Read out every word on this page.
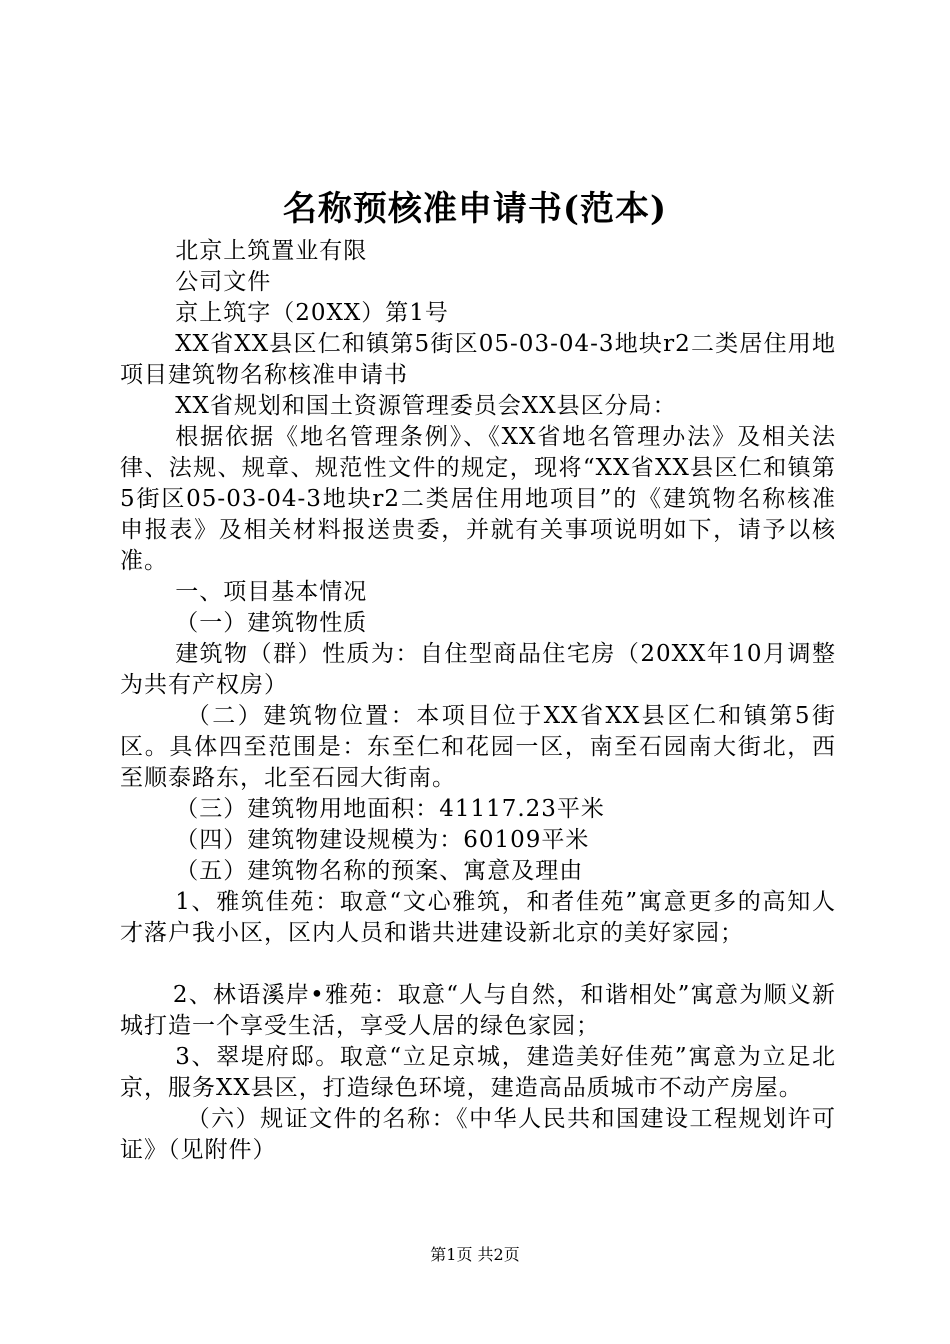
名称预核准申请书(范本)

北京上筑置业有限

公司文件

京上筑字（20XX）第1号

XX省XX县区仁和镇第5街区05-03-04-3地块r2二类居住用地项目建筑物名称核准申请书

XX省规划和国土资源管理委员会XX县区分局：

根据依据《地名管理条例》、《XX省地名管理办法》及相关法律、法规、规章、规范性文件的规定，现将“XX省XX县区仁和镇第5街区05-03-04-3地块r2二类居住用地项目”的《建筑物名称核准申报表》及相关材料报送贵委，并就有关事项说明如下，请予以核准。

一、项目基本情况

（一）建筑物性质

建筑物（群）性质为：自住型商品住宅房（20XX年10月调整为共有产权房）

（二）建筑物位置：本项目位于XX省XX县区仁和镇第5街区。具体四至范围是：东至仁和花园一区，南至石园南大街北，西至顺泰路东，北至石园大街南。

（三）建筑物用地面积：41117.23平米

（四）建筑物建设规模为：60109平米

（五）建筑物名称的预案、寓意及理由

1、雅筑佳苑：取意“文心雅筑，和者佳苑”寓意更多的高知人才落户我小区，区内人员和谐共进建设新北京的美好家园；

2、林语溪岸•雅苑：取意“人与自然，和谐相处”寓意为顺义新城打造一个享受生活，享受人居的绿色家园；

3、翠堤府邸。取意“立足京城，建造美好佳苑”寓意为立足北京，服务XX县区，打造绿色环境，建造高品质城市不动产房屋。

（六）规证文件的名称：《中华人民共和国建设工程规划许可证》（见附件）

第1页 共2页
